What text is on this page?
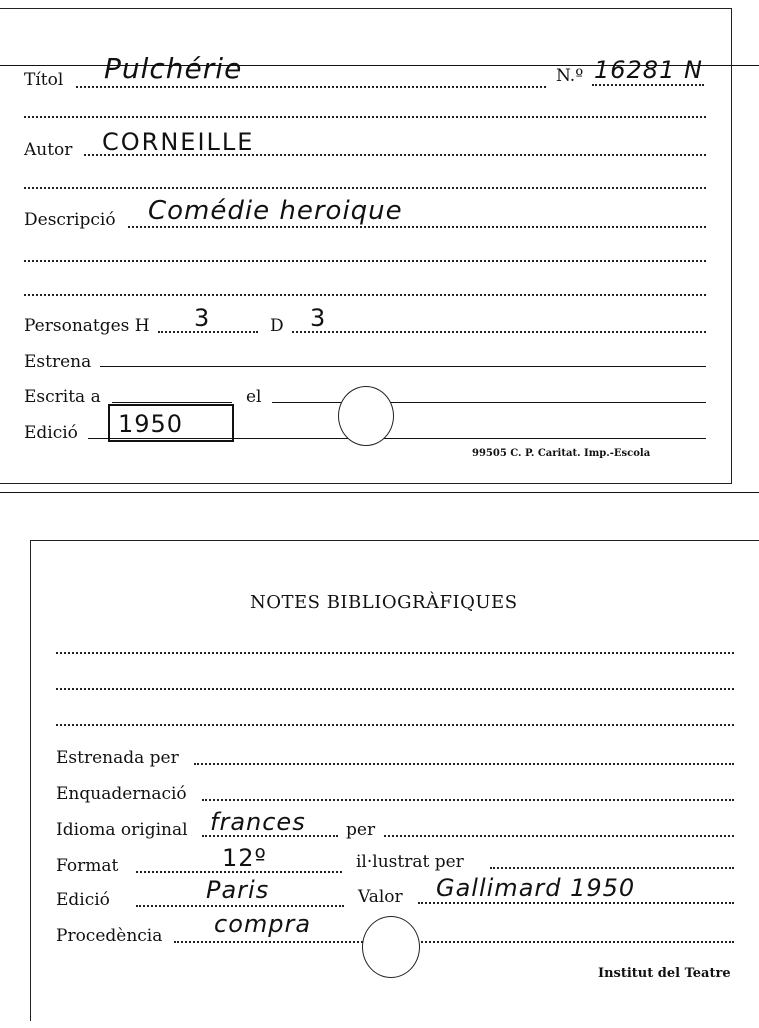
Títol Pulchérie	N.º 16281 N
Autor CORNEILLE
Descripció Comédie heroique
Personatges H 3	D 3
Estrena
Escrita a	el
Edició 1950
99505 C. P. Caritat. Imp.-Escola
NOTES BIBLIOGRÀFIQUES
Estrenada per
Enquadernació
Idioma original frances per
Format	12º	il·lustrat per
Edició	Paris	Valor Gallimard 1950
Procedència compra
Institut del Teatre
